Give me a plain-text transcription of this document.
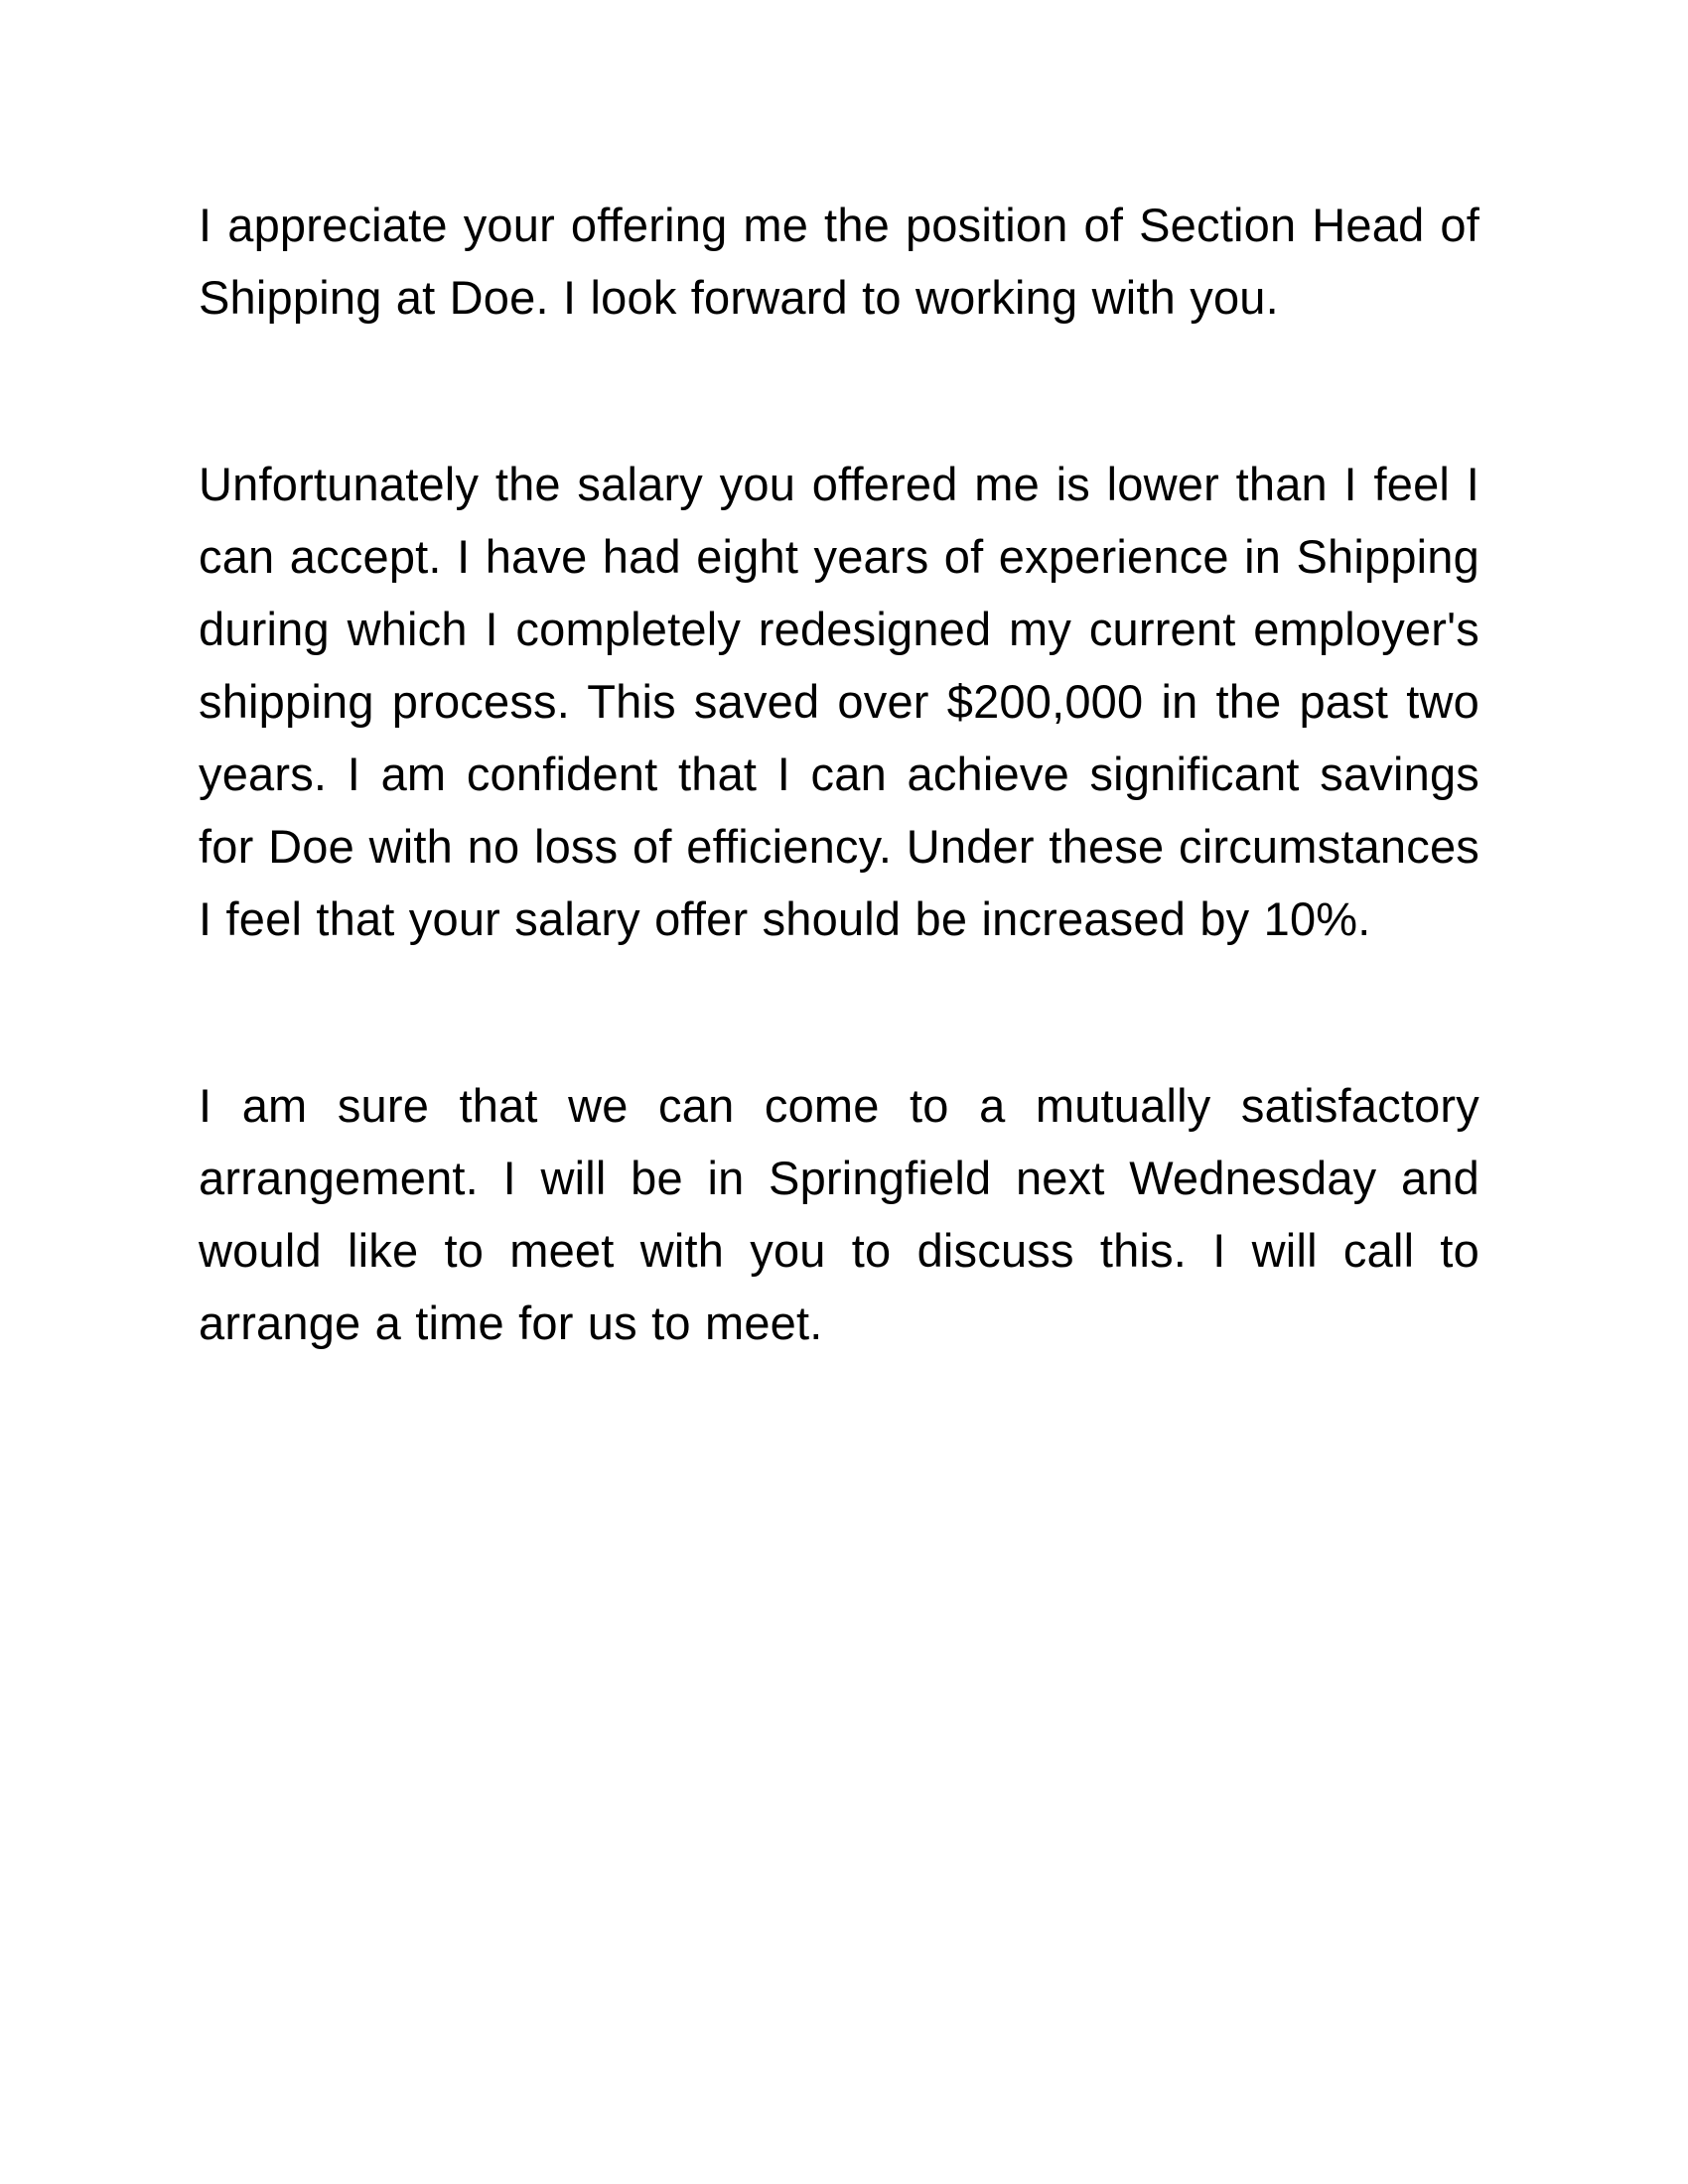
I appreciate your offering me the position of Section Head of Shipping at Doe. I look forward to working with you.

Unfortunately the salary you offered me is lower than I feel I can accept. I have had eight years of experience in Shipping during which I completely redesigned my current employer's shipping process. This saved over $200,000 in the past two years. I am confident that I can achieve significant savings for Doe with no loss of efficiency. Under these circumstances I feel that your salary offer should be increased by 10%.

I am sure that we can come to a mutually satisfactory arrangement. I will be in Springfield next Wednesday and would like to meet with you to discuss this. I will call to arrange a time for us to meet.
